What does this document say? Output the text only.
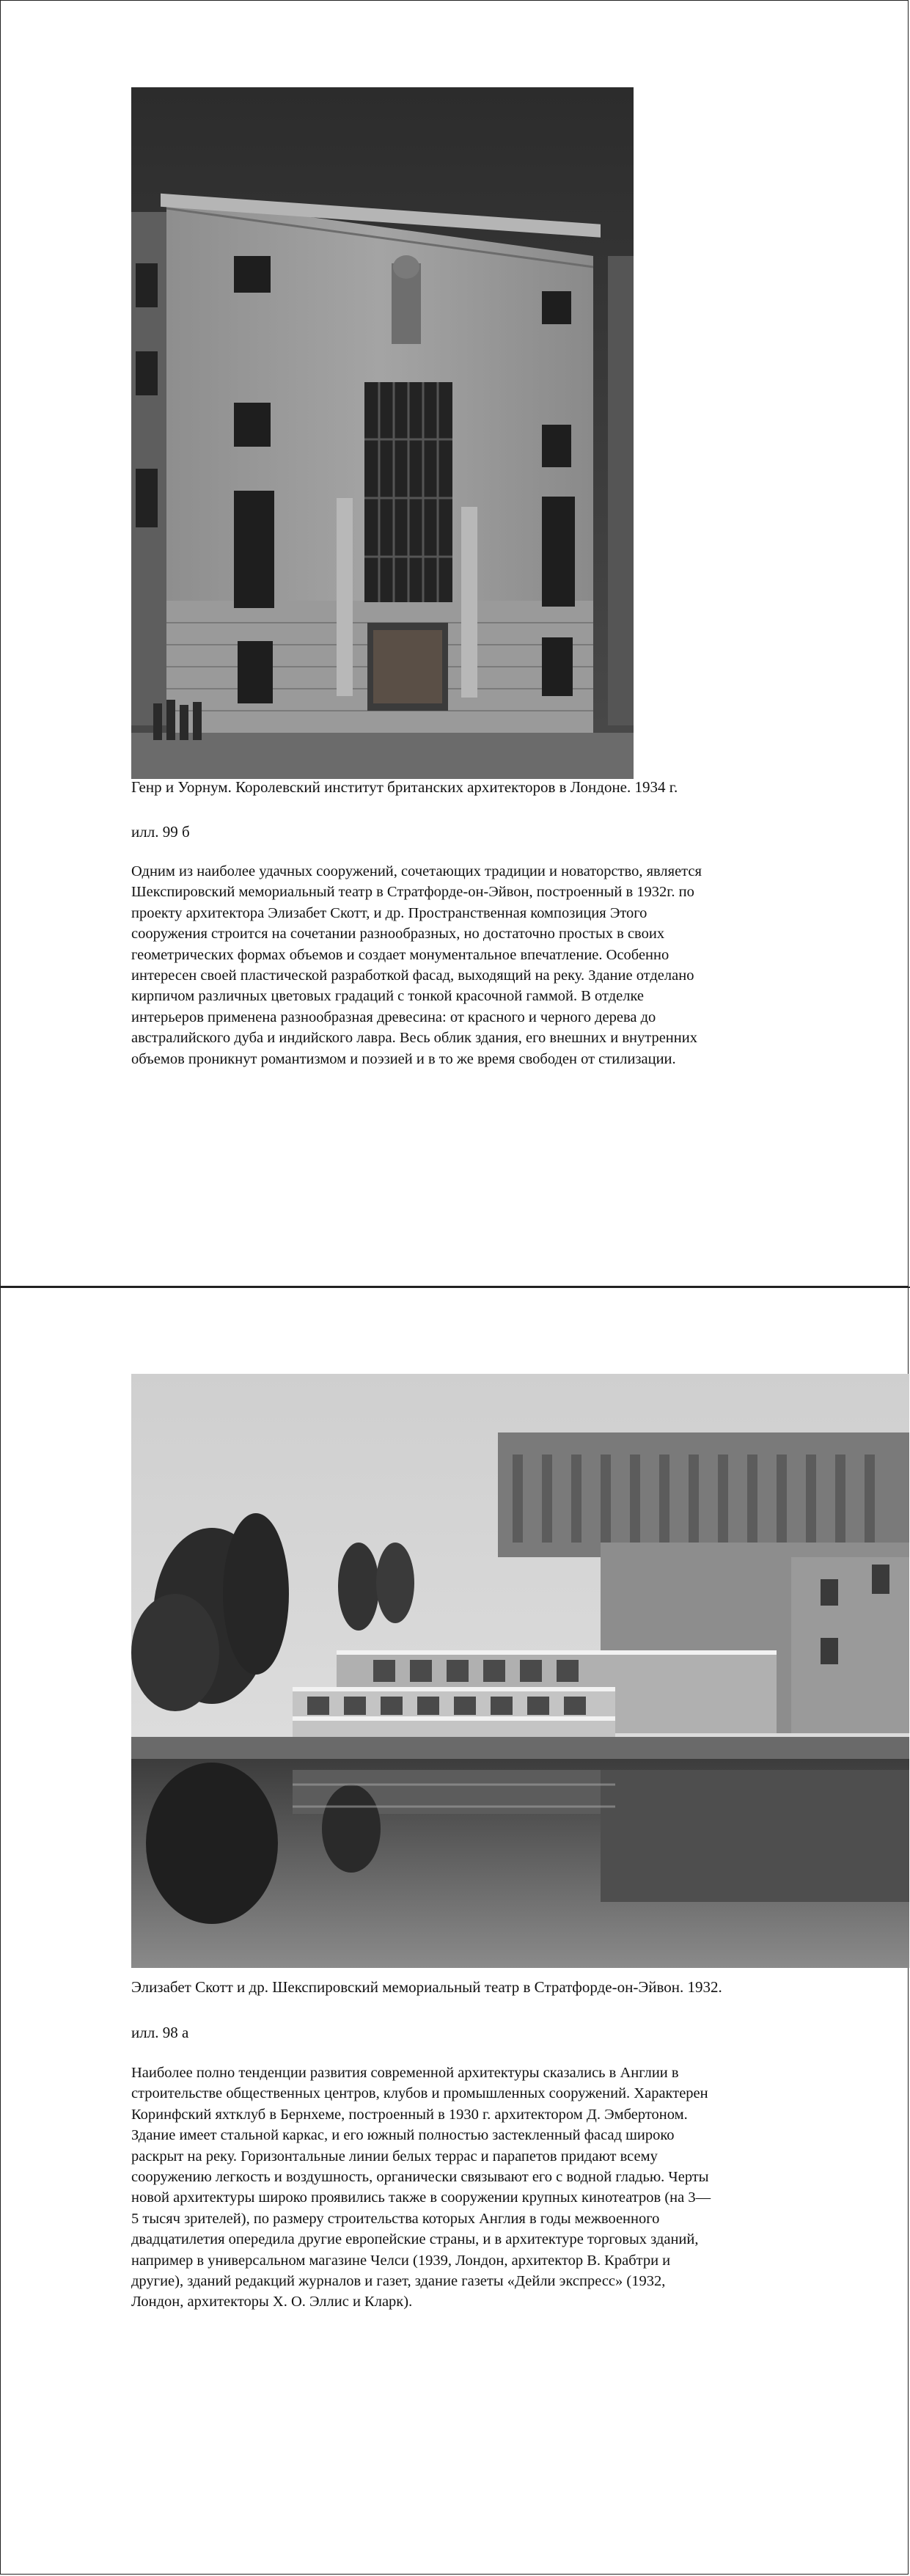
Генр и Уорнум. Королевский институт британских архитекторов в Лондоне. 1934 г.
илл. 99 б
Одним из наиболее удачных сооружений, сочетающих традиции и новаторство, является
Шекспировский мемориальный театр в Стратфорде-он-Эйвон, построенный в 1932г. по
проекту архитектора Элизабет Скотт, и др. Пространственная композиция Этого
сооружения строится на сочетании разнообразных, но достаточно простых в своих
геометрических формах объемов и создает монументальное впечатление. Особенно
интересен своей пластической разработкой фасад, выходящий на реку. Здание отделано
кирпичом различных цветовых градаций с тонкой красочной гаммой. В отделке
интерьеров применена разнообразная древесина: от красного и черного дерева до
австралийского дуба и индийского лавра. Весь облик здания, его внешних и внутренних
объемов проникнут романтизмом и поэзией и в то же время свободен от стилизации.
Элизабет Скотт и др. Шекспировский мемориальный театр в Стратфорде-он-Эйвон. 1932.
илл. 98 а
Наиболее полно тенденции развития современной архитектуры сказались в Англии в
строительстве общественных центров, клубов и промышленных сооружений. Характерен
Коринфский яхтклуб в Бернхеме, построенный в 1930 г. архитектором Д. Эмбертоном.
Здание имеет стальной каркас, и его южный полностью застекленный фасад широко
раскрыт на реку. Горизонтальные линии белых террас и парапетов придают всему
сооружению легкость и воздушность, органически связывают его с водной гладью. Черты
новой архитектуры широко проявились также в сооружении крупных кинотеатров (на 3—
5 тысяч зрителей), по размеру строительства которых Англия в годы межвоенного
двадцатилетия опередила другие европейские страны, и в архитектуре торговых зданий,
например в универсальном магазине Челси (1939, Лондон, архитектор В. Крабтри и
другие), зданий редакций журналов и газет, здание газеты «Дейли экспресс» (1932,
Лондон, архитекторы Х. О. Эллис и Кларк).
